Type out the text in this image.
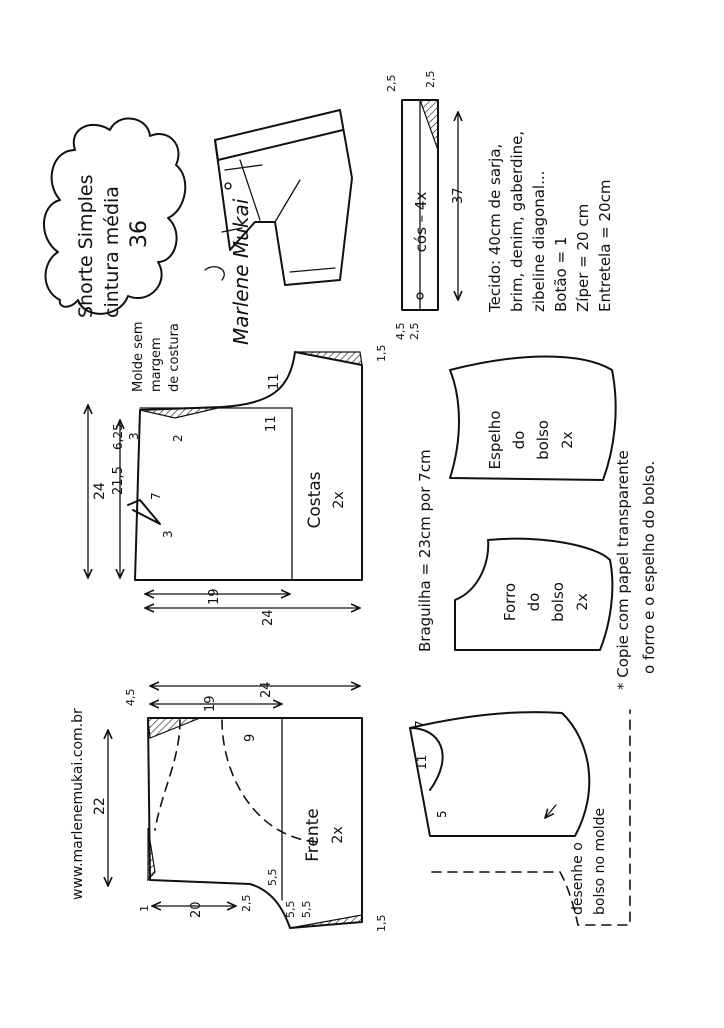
Shorte Simples cintura média 36	Marlene Mukai	cós – 4x 37
2,5 2,5
4,5 2,5
Tecido: 40cm de sarja, brim, denim, gaberdine, zibeline diagonal... Botão = 1 Zíper = 20 cm Entretela = 20cm
Molde sem margem de costura
Costas 2x
24 21,5
6,25 3
7
3
2
11
11
1,5
19
24
Espelho do bolso 2x
Forro do bolso 2x
Braguilha = 23cm por 7cm	* Copie com papel transparente o forro e o espelho do bolso.
www.marlenemukai.com.br	Frente 2x
22
4,5	19
24
9
5,5
5,5 5,5
1,5
20	2,5
1
7
11
5
desenhe o bolso no molde
